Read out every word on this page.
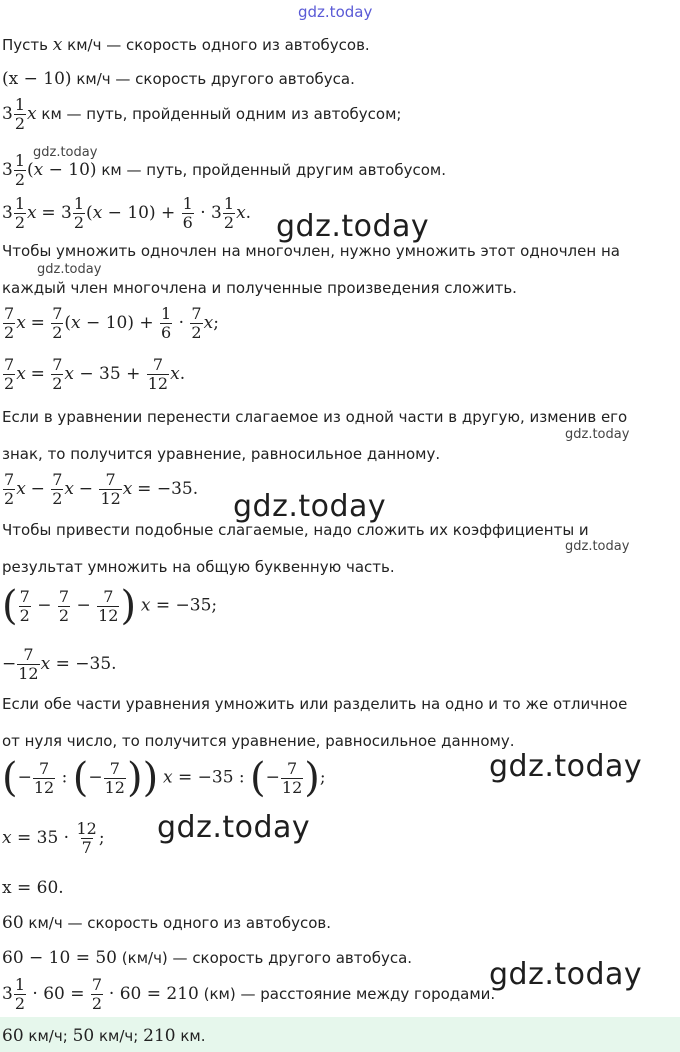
gdz.today
gdz.today
gdz.today
gdz.today
gdz.today
gdz.today
gdz.today
gdz.today
gdz.today
gdz.today
Пусть x км/ч — скорость одного из автобусов.
(x − 10) км/ч — скорость другого автобуса.
$3 \frac{1}{2}$ x км — путь, пройденный одним из автобусом;
$3 \frac{1}{2} (x - 10)$ км — путь, пройденный другим автобусом.
$3 \frac{1}{2}$ $x = 3 \frac{1}{2} (x - 10) + \frac{1}{6} \cdot 3 \frac{1}{2} x$.
Чтобы умножить одночлен на многочлен, нужно умножить этот одночлен на
каждый член многочлена и полученные произведения сложить.
$\frac{7}{2}$ $x = \frac{7}{2} (x - 10) + \frac{1}{6} \cdot \frac{7}{2} x$;
$\frac{7}{2}$ $x = \frac{7}{2}$ $x - 35 + \frac{7}{12} x$.
Если в уравнении перенести слагаемое из одной части в другую, изменив его
знак, то получится уравнение, равносильное данному.
$\frac{7}{2}$ $x - \frac{7}{2}$ $x - \frac{7}{12}$ x = −35.
Чтобы привести подобные слагаемые, надо сложить их коэффициенты и
результат умножить на общую буквенную часть.
( $\frac{7}{2} - \frac{7}{2} - \frac{7}{12}$ ) x = −35;
− $\frac{7}{12}$ x = −35.
Если обе части уравнения умножить или разделить на одно и то же отличное
от нуля число, то получится уравнение, равносильное данному.
(− $\frac{7}{12}$ : (− $\frac{7}{12}$ )) x = −35 : (− $\frac{7}{12}$ );
$x = 35 \cdot \frac{12}{7}$ ;
x = 60.
60 км/ч — скорость одного из автобусов.
60 − 10 = 50 (км/ч) — скорость другого автобуса.
$3 \frac{1}{2} \cdot 60 = \frac{7}{2} \cdot 60 = 210$ (км) — расстояние между городами.
60 км/ч; 50 км/ч; 210 км.
